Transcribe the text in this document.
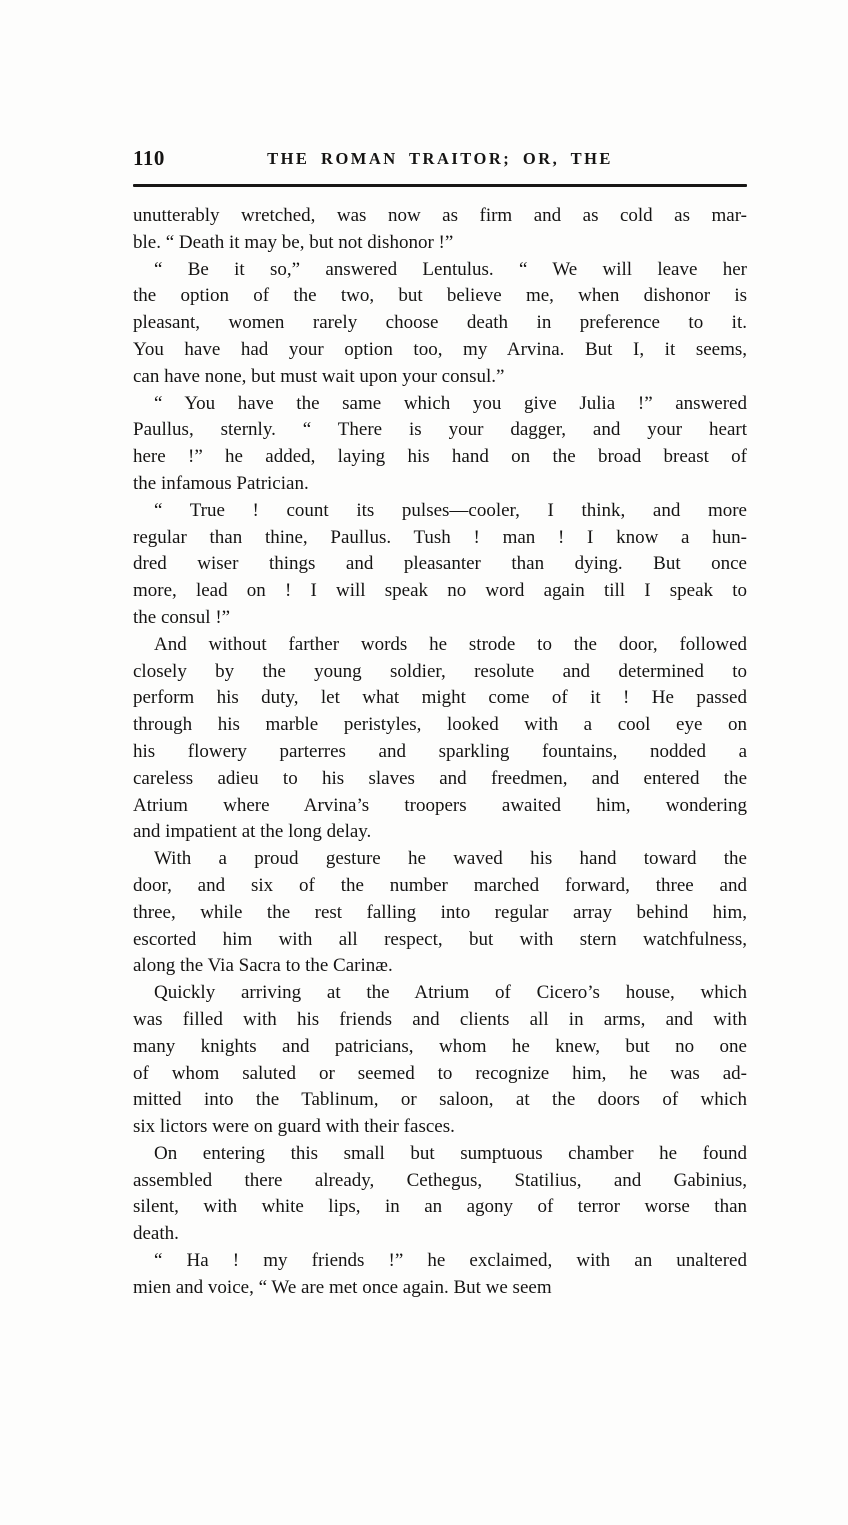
110	THE ROMAN TRAITOR; OR, THE
unutterably wretched, was now as firm and as cold as mar-
ble. “ Death it may be, but not dishonor !”
“ Be it so,” answered Lentulus. “ We will leave her
the option of the two, but believe me, when dishonor is
pleasant, women rarely choose death in preference to it.
You have had your option too, my Arvina. But I, it seems,
can have none, but must wait upon your consul.”
“ You have the same which you give Julia !” answered
Paullus, sternly. “ There is your dagger, and your heart
here !” he added, laying his hand on the broad breast of
the infamous Patrician.
“ True ! count its pulses—cooler, I think, and more
regular than thine, Paullus. Tush ! man ! I know a hun-
dred wiser things and pleasanter than dying. But once
more, lead on ! I will speak no word again till I speak to
the consul !”
And without farther words he strode to the door, followed
closely by the young soldier, resolute and determined to
perform his duty, let what might come of it ! He passed
through his marble peristyles, looked with a cool eye on
his flowery parterres and sparkling fountains, nodded a
careless adieu to his slaves and freedmen, and entered the
Atrium where Arvina’s troopers awaited him, wondering
and impatient at the long delay.
With a proud gesture he waved his hand toward the
door, and six of the number marched forward, three and
three, while the rest falling into regular array behind him,
escorted him with all respect, but with stern watchfulness,
along the Via Sacra to the Carinæ.
Quickly arriving at the Atrium of Cicero’s house, which
was filled with his friends and clients all in arms, and with
many knights and patricians, whom he knew, but no one
of whom saluted or seemed to recognize him, he was ad-
mitted into the Tablinum, or saloon, at the doors of which
six lictors were on guard with their fasces.
On entering this small but sumptuous chamber he found
assembled there already, Cethegus, Statilius, and Gabinius,
silent, with white lips, in an agony of terror worse than
death.
“ Ha ! my friends !” he exclaimed, with an unaltered
mien and voice, “ We are met once again. But we seem
